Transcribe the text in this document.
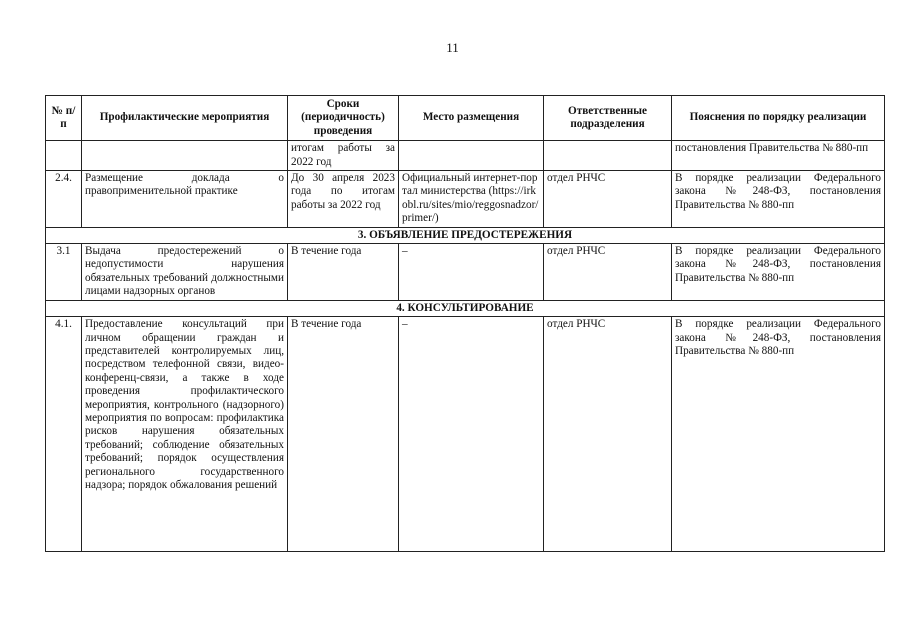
11
№ п/п	Профилактические мероприятия	Сроки (периодичность) проведения	Место размещения	Ответственные подразделения	Пояснения по порядку реализации
		итогам работы за 2022 год			постановления Правительства № 880-пп
2.4.	Размещение доклада о правоприменительной практике	До 30 апреля 2023 года по итогам работы за 2022 год	Официальный интернет-портал министерства (https://irkobl.ru/sites/mio/reggosnadzor/primer/)	отдел РНЧС	В порядке реализации Федерального закона №248-ФЗ, постановления Правительства № 880-пп
3. ОБЪЯВЛЕНИЕ ПРЕДОСТЕРЕЖЕНИЯ					
3.1	Выдача предостережений о недопустимости нарушения обязательных требований должностными лицами надзорных органов	В течение года	–	отдел РНЧС	В порядке реализации Федерального закона №248-ФЗ, постановления Правительства № 880-пп
4. КОНСУЛЬТИРОВАНИЕ					
4.1.	Предоставление консультаций при личном обращении граждан и представителей контролируемых лиц, посредством телефонной связи, видео-конференц-связи, а также в ходе проведения профилактического мероприятия, контрольного (надзорного) мероприятия по вопросам: профилактика рисков нарушения обязательных требований; соблюдение обязательных требований; порядок осуществления регионального государственного надзора; порядок обжалования решений	В течение года	–	отдел РНЧС	В порядке реализации Федерального закона №248-ФЗ, постановления Правительства № 880-пп
